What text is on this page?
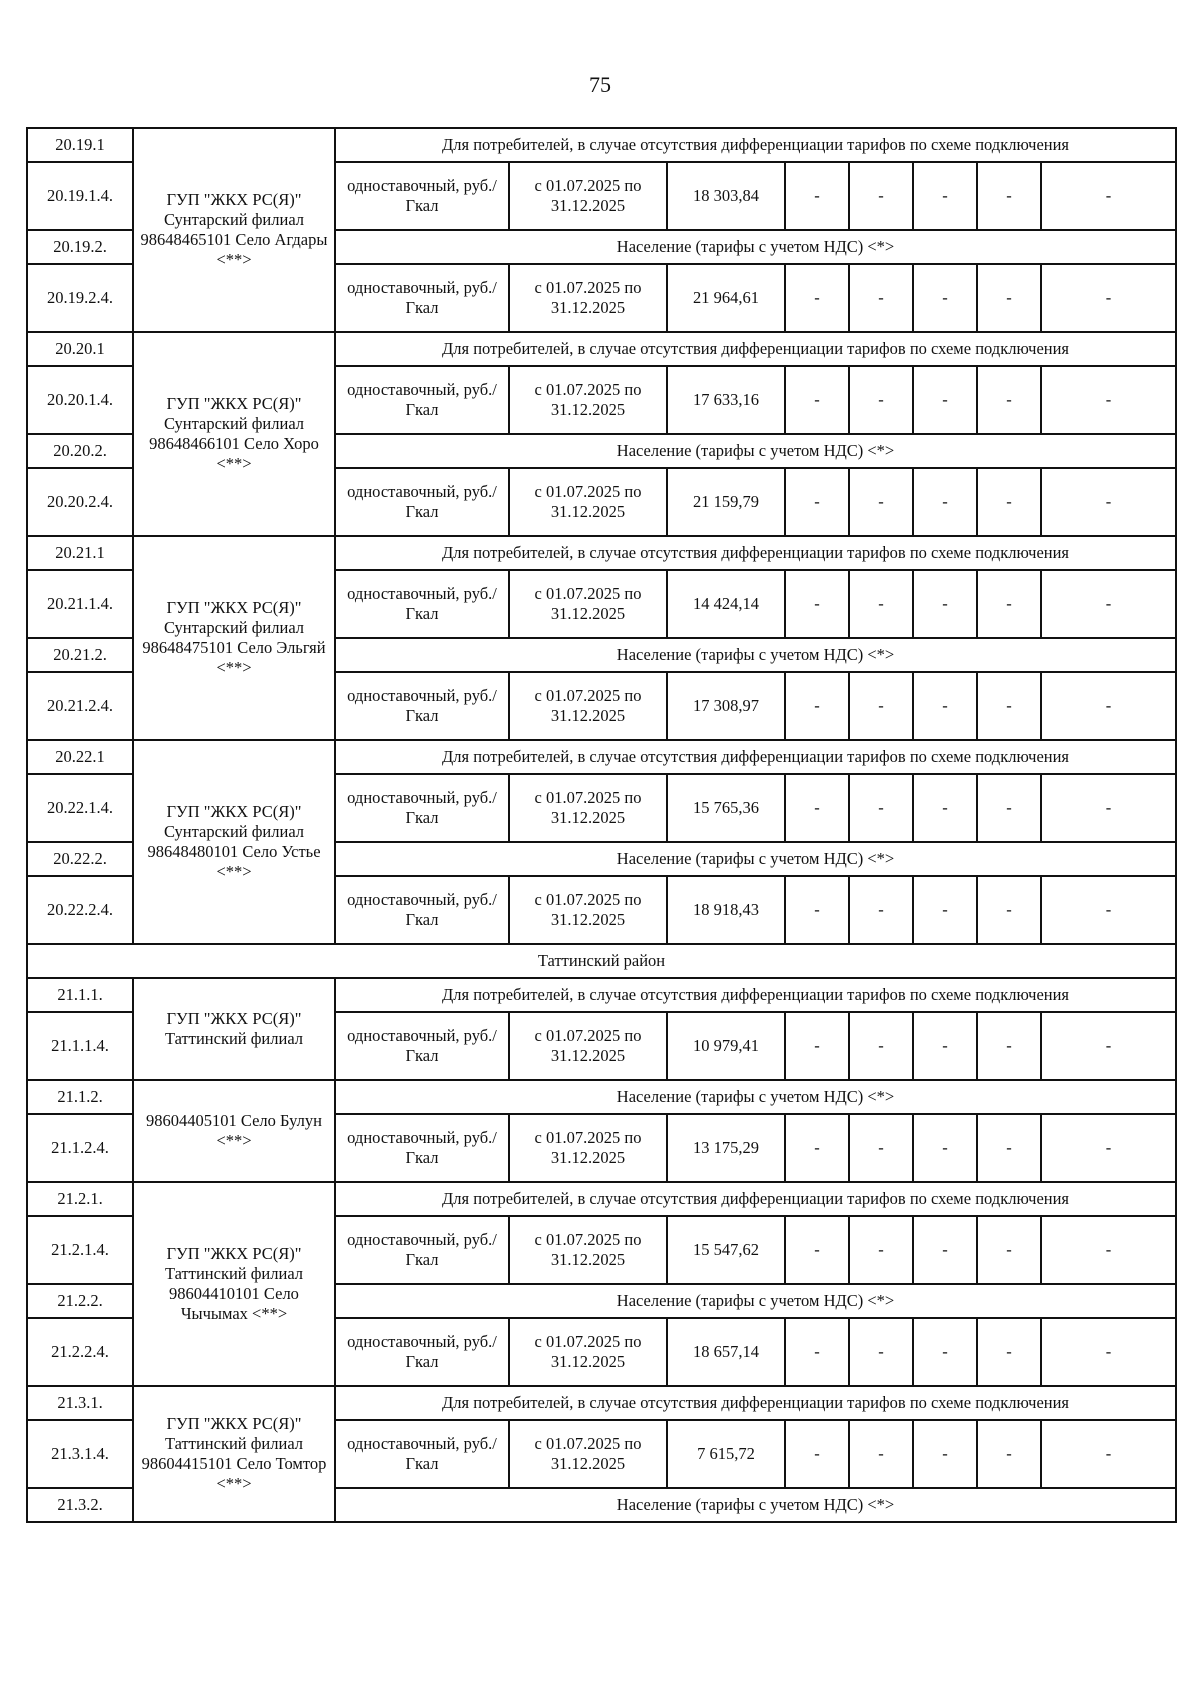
75
20.19.1	ГУП "ЖКХ РС(Я)" Сунтарский филиал 98648465101 Село Агдары <**>	Для потребителей, в случае отсутствия дифференциации тарифов по схеме подключения							
20.19.1.4.		одноставочный, руб./Гкал	с 01.07.2025 по 31.12.2025	18 303,84	-	-	-	-	-
20.19.2.		Население (тарифы с учетом НДС) <*>							
20.19.2.4.		одноставочный, руб./Гкал	с 01.07.2025 по 31.12.2025	21 964,61	-	-	-	-	-
20.20.1	ГУП "ЖКХ РС(Я)" Сунтарский филиал 98648466101 Село Хоро <**>	Для потребителей, в случае отсутствия дифференциации тарифов по схеме подключения							
20.20.1.4.		одноставочный, руб./Гкал	с 01.07.2025 по 31.12.2025	17 633,16	-	-	-	-	-
20.20.2.		Население (тарифы с учетом НДС) <*>							
20.20.2.4.		одноставочный, руб./Гкал	с 01.07.2025 по 31.12.2025	21 159,79	-	-	-	-	-
20.21.1	ГУП "ЖКХ РС(Я)" Сунтарский филиал 98648475101 Село Эльгяй <**>	Для потребителей, в случае отсутствия дифференциации тарифов по схеме подключения							
20.21.1.4.		одноставочный, руб./Гкал	с 01.07.2025 по 31.12.2025	14 424,14	-	-	-	-	-
20.21.2.		Население (тарифы с учетом НДС) <*>							
20.21.2.4.		одноставочный, руб./Гкал	с 01.07.2025 по 31.12.2025	17 308,97	-	-	-	-	-
20.22.1	ГУП "ЖКХ РС(Я)" Сунтарский филиал 98648480101 Село Устье <**>	Для потребителей, в случае отсутствия дифференциации тарифов по схеме подключения							
20.22.1.4.		одноставочный, руб./Гкал	с 01.07.2025 по 31.12.2025	15 765,36	-	-	-	-	-
20.22.2.		Население (тарифы с учетом НДС) <*>							
20.22.2.4.		одноставочный, руб./Гкал	с 01.07.2025 по 31.12.2025	18 918,43	-	-	-	-	-
Таттинский район									
21.1.1.	ГУП "ЖКХ РС(Я)" Таттинский филиал	Для потребителей, в случае отсутствия дифференциации тарифов по схеме подключения							
21.1.1.4.		одноставочный, руб./Гкал	с 01.07.2025 по 31.12.2025	10 979,41	-	-	-	-	-
21.1.2.	98604405101 Село Булун <**>	Население (тарифы с учетом НДС) <*>							
21.1.2.4.		одноставочный, руб./Гкал	с 01.07.2025 по 31.12.2025	13 175,29	-	-	-	-	-
21.2.1.	ГУП "ЖКХ РС(Я)" Таттинский филиал 98604410101 Село Чычымах <**>	Для потребителей, в случае отсутствия дифференциации тарифов по схеме подключения							
21.2.1.4.		одноставочный, руб./Гкал	с 01.07.2025 по 31.12.2025	15 547,62	-	-	-	-	-
21.2.2.		Население (тарифы с учетом НДС) <*>							
21.2.2.4.		одноставочный, руб./Гкал	с 01.07.2025 по 31.12.2025	18 657,14	-	-	-	-	-
21.3.1.	ГУП "ЖКХ РС(Я)" Таттинский филиал 98604415101 Село Томтор <**>	Для потребителей, в случае отсутствия дифференциации тарифов по схеме подключения							
21.3.1.4.		одноставочный, руб./Гкал	с 01.07.2025 по 31.12.2025	7 615,72	-	-	-	-	-
21.3.2.		Население (тарифы с учетом НДС) <*>							
